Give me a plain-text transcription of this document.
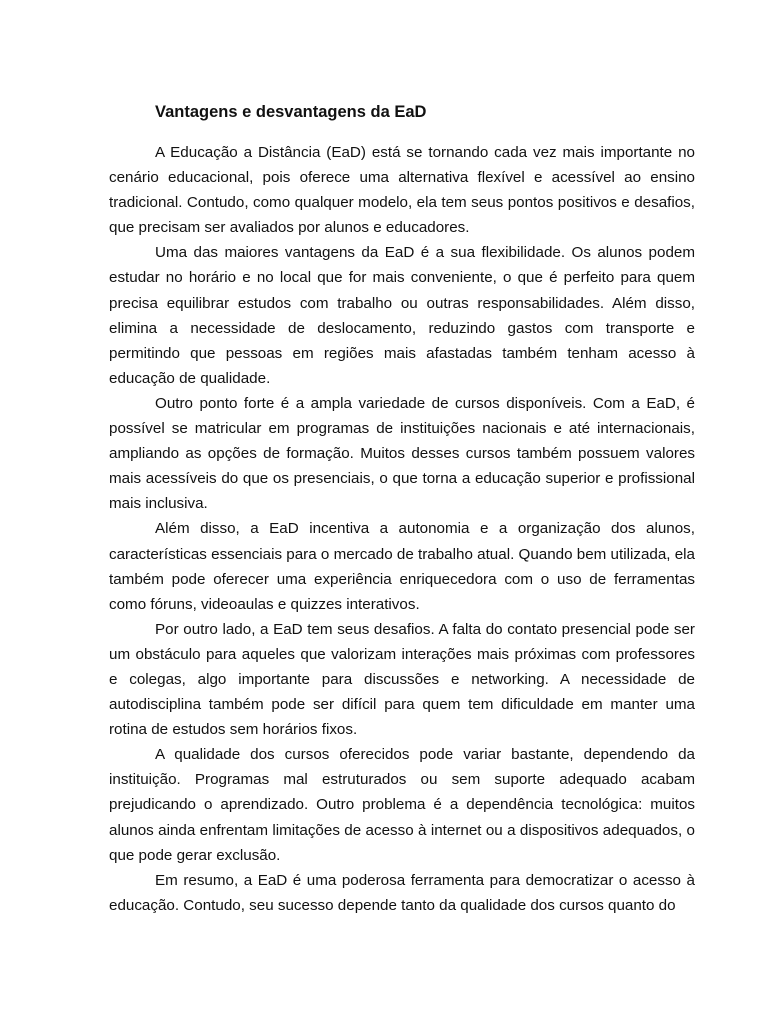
Vantagens e desvantagens da EaD

A Educação a Distância (EaD) está se tornando cada vez mais importante no cenário educacional, pois oferece uma alternativa flexível e acessível ao ensino tradicional. Contudo, como qualquer modelo, ela tem seus pontos positivos e desafios, que precisam ser avaliados por alunos e educadores.

Uma das maiores vantagens da EaD é a sua flexibilidade. Os alunos podem estudar no horário e no local que for mais conveniente, o que é perfeito para quem precisa equilibrar estudos com trabalho ou outras responsabilidades. Além disso, elimina a necessidade de deslocamento, reduzindo gastos com transporte e permitindo que pessoas em regiões mais afastadas também tenham acesso à educação de qualidade.

Outro ponto forte é a ampla variedade de cursos disponíveis. Com a EaD, é possível se matricular em programas de instituições nacionais e até internacionais, ampliando as opções de formação. Muitos desses cursos também possuem valores mais acessíveis do que os presenciais, o que torna a educação superior e profissional mais inclusiva.

Além disso, a EaD incentiva a autonomia e a organização dos alunos, características essenciais para o mercado de trabalho atual. Quando bem utilizada, ela também pode oferecer uma experiência enriquecedora com o uso de ferramentas como fóruns, videoaulas e quizzes interativos.

Por outro lado, a EaD tem seus desafios. A falta do contato presencial pode ser um obstáculo para aqueles que valorizam interações mais próximas com professores e colegas, algo importante para discussões e networking. A necessidade de autodisciplina também pode ser difícil para quem tem dificuldade em manter uma rotina de estudos sem horários fixos.

A qualidade dos cursos oferecidos pode variar bastante, dependendo da instituição. Programas mal estruturados ou sem suporte adequado acabam prejudicando o aprendizado. Outro problema é a dependência tecnológica: muitos alunos ainda enfrentam limitações de acesso à internet ou a dispositivos adequados, o que pode gerar exclusão.

Em resumo, a EaD é uma poderosa ferramenta para democratizar o acesso à educação. Contudo, seu sucesso depende tanto da qualidade dos cursos quanto do
